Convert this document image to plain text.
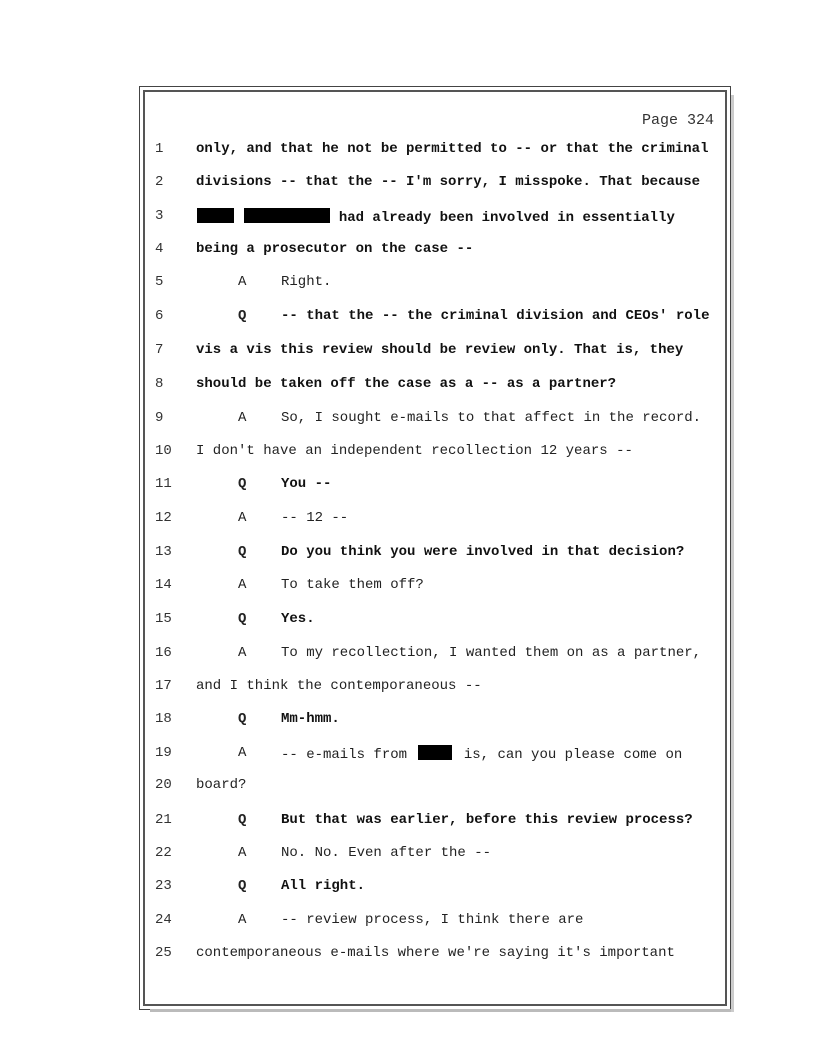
Page 324
1	only, and that he not be permitted to -- or that the criminal
2	divisions -- that the -- I'm sorry, I misspoke. That because
3	had already been involved in essentially
4	being a prosecutor on the case --
5	A Right.
6	Q -- that the -- the criminal division and CEOs' role
7	vis a vis this review should be review only. That is, they
8	should be taken off the case as a -- as a partner?
9	A So, I sought e-mails to that affect in the record.
10 I don't have an independent recollection 12 years --
11	Q You --
12	A -- 12 --
13	Q Do you think you were involved in that decision?
14	A To take them off?
15	Q Yes.
16	A To my recollection, I wanted them on as a partner,
17 and I think the contemporaneous --
18	Q Mm-hmm.
19	A -- e-mails from	is, can you please come on
20 board?
21	Q But that was earlier, before this review process?
22	A No. No. Even after the --
23	Q All right.
24	A -- review process, I think there are
25 contemporaneous e-mails where we're saying it's important
